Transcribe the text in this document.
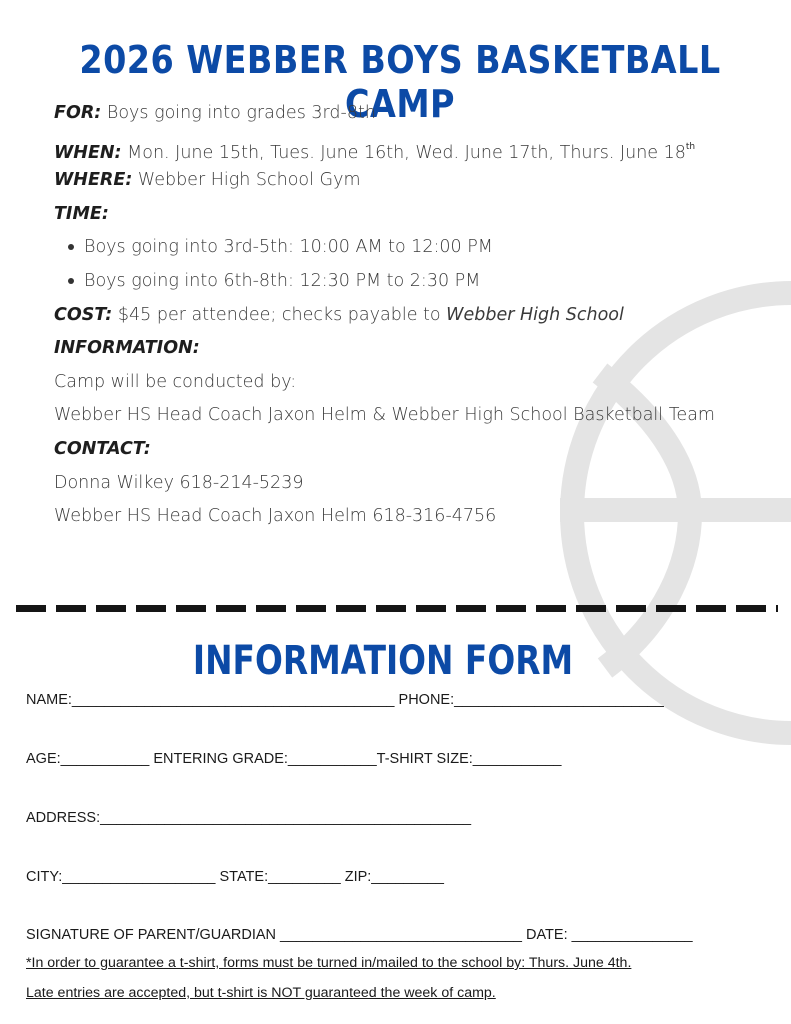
2026 WEBBER BOYS BASKETBALL CAMP
FOR: Boys going into grades 3rd-8th
WHEN: Mon. June 15th, Tues. June 16th, Wed. June 17th, Thurs. June 18th
WHERE: Webber High School Gym
TIME:
Boys going into 3rd-5th: 10:00 AM to 12:00 PM
Boys going into 6th-8th: 12:30 PM to 2:30 PM
COST: $45 per attendee; checks payable to Webber High School
INFORMATION:
Camp will be conducted by:
Webber HS Head Coach Jaxon Helm & Webber High School Basketball Team
CONTACT:
Donna Wilkey 618-214-5239
Webber HS Head Coach Jaxon Helm 618-316-4756
INFORMATION FORM
NAME:________________________________________ PHONE:__________________________
AGE:___________ ENTERING GRADE:___________T-SHIRT SIZE:___________
ADDRESS:______________________________________________
CITY:___________________ STATE:_________ ZIP:_________
SIGNATURE OF PARENT/GUARDIAN ______________________________ DATE: _______________
*In order to guarantee a t-shirt, forms must be turned in/mailed to the school by: Thurs. June 4th.
Late entries are accepted, but t-shirt is NOT guaranteed the week of camp.
